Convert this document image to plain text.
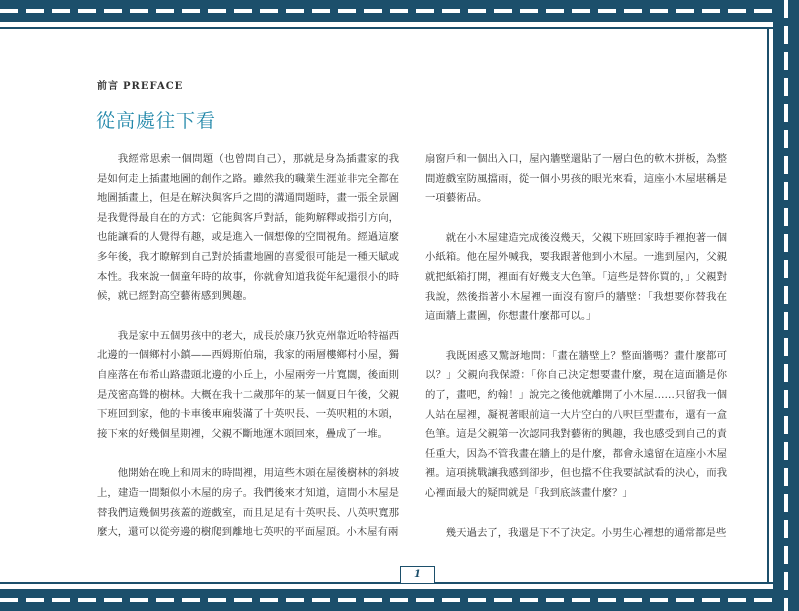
前言 PREFACE
從高處往下看

我經常思索一個問題（也曾問自己），那就是身為插畫家的我是如何走上插畫地圖的創作之路。雖然我的職業生涯並非完全都在地圖插畫上，但是在解決與客戶之間的溝通問題時，畫一張全景圖是我覺得最自在的方式：它能與客戶對話，能夠解釋或指引方向，也能讓看的人覺得有趣，或是進入一個想像的空間視角。經過這麼多年後，我才瞭解到自己對於插畫地圖的喜愛很可能是一種天賦或本性。我來說一個童年時的故事，你就會知道我從年紀還很小的時候，就已經對高空藝術感到興趣。

我是家中五個男孩中的老大，成長於康乃狄克州靠近哈特福西北邊的一個鄉村小鎮——西姆斯伯瑞，我家的兩層樓鄉村小屋，獨自座落在布希山路盡頭北邊的小丘上，小屋兩旁一片寬闊，後面則是茂密高聳的樹林。大概在我十二歲那年的某一個夏日午後，父親下班回到家，他的卡車後車廂裝滿了十英呎長、一英呎粗的木頭，接下來的好幾個星期裡，父親不斷地運木頭回來，疊成了一堆。

他開始在晚上和周末的時間裡，用這些木頭在屋後樹林的斜坡上，建造一間類似小木屋的房子。我們後來才知道，這間小木屋是替我們這幾個男孩蓋的遊戲室，而且足足有十英呎長、八英呎寬那麼大，還可以從旁邊的樹爬到離地七英呎的平面屋頂。小木屋有兩

扇窗戶和一個出入口，屋內牆壁還貼了一層白色的軟木拼板，為整間遊戲室防風擋雨，從一個小男孩的眼光來看，這座小木屋堪稱是一項藝術品。

就在小木屋建造完成後沒幾天，父親下班回家時手裡抱著一個小紙箱。他在屋外喊我，要我跟著他到小木屋。一進到屋內，父親就把紙箱打開，裡面有好幾支大色筆。「這些是替你買的，」父親對我說，然後指著小木屋裡一面沒有窗戶的牆壁：「我想要你替我在這面牆上畫圖，你想畫什麼都可以。」

我既困惑又驚訝地問：「畫在牆壁上？整面牆嗎？畫什麼都可以？」父親向我保證：「你自己決定想要畫什麼，現在這面牆是你的了，畫吧，約翰！」說完之後他就離開了小木屋……只留我一個人站在屋裡，凝視著眼前這一大片空白的八呎巨型畫布，還有一盒色筆。這是父親第一次認同我對藝術的興趣，我也感受到自己的責任重大，因為不管我畫在牆上的是什麼，都會永遠留在這座小木屋裡。這項挑戰讓我感到卻步，但也擋不住我要試試看的決心，而我心裡面最大的疑問就是「我到底該畫什麼？」

幾天過去了，我還是下不了決定。小男生心裡想的通常都是些

1
